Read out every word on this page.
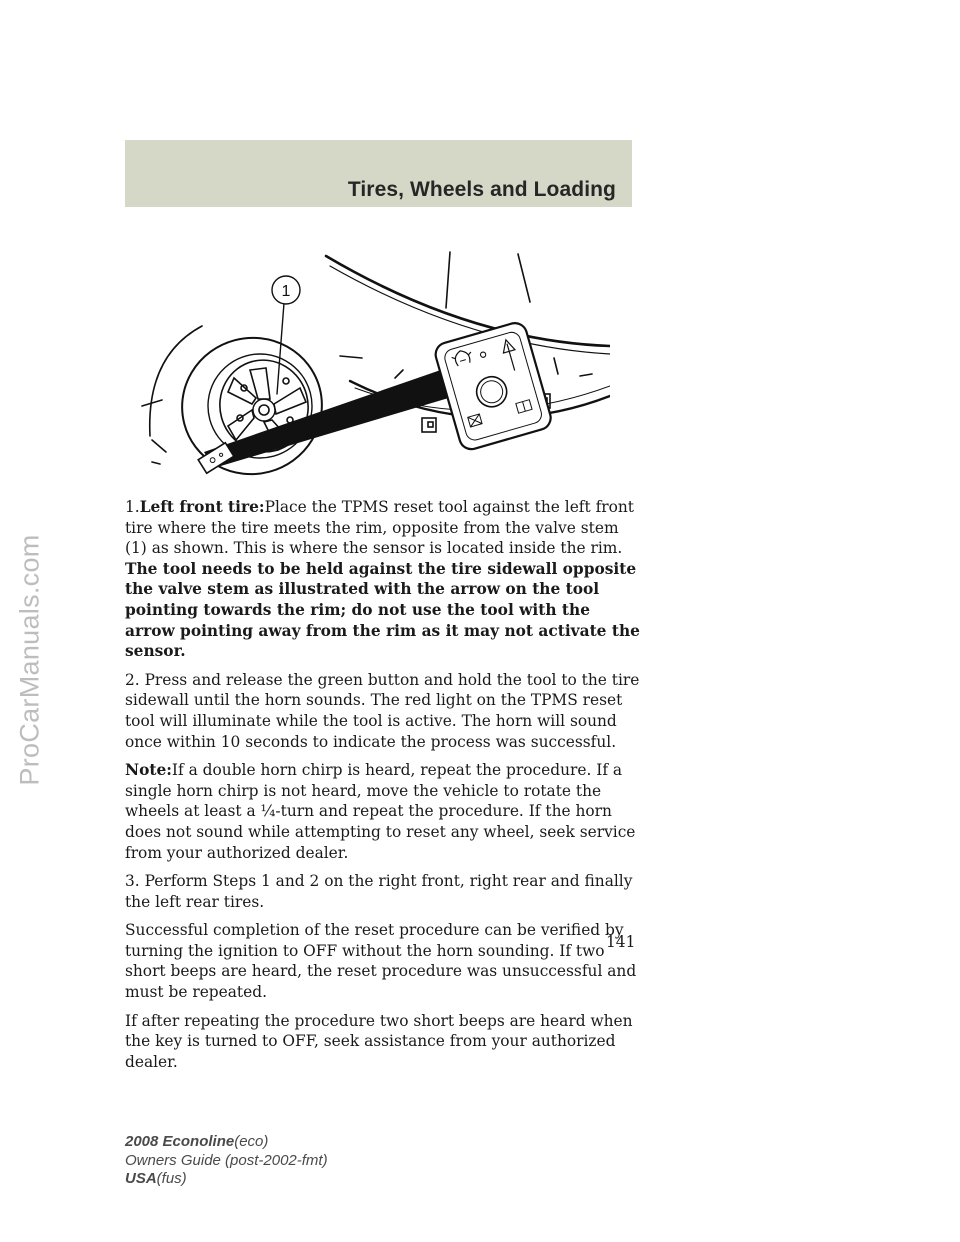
Tires, Wheels and Loading
ProCarManuals.com
1

1.Left front tire:Place the TPMS reset tool against the left front tire where the tire meets the rim, opposite from the valve stem (1) as shown. This is where the sensor is located inside the rim.
The tool needs to be held against the tire sidewall opposite the valve stem as illustrated with the arrow on the tool pointing towards the rim; do not use the tool with the arrow pointing away from the rim as it may not activate the sensor.

2. Press and release the green button and hold the tool to the tire sidewall until the horn sounds. The red light on the TPMS reset tool will illuminate while the tool is active. The horn will sound once within 10 seconds to indicate the process was successful.

Note:If a double horn chirp is heard, repeat the procedure. If a single horn chirp is not heard, move the vehicle to rotate the wheels at least a ¼-turn and repeat the procedure. If the horn does not sound while attempting to reset any wheel, seek service from your authorized dealer.

3. Perform Steps 1 and 2 on the right front, right rear and finally the left rear tires.

Successful completion of the reset procedure can be verified by turning the ignition to OFF without the horn sounding. If two short beeps are heard, the reset procedure was unsuccessful and must be repeated.

If after repeating the procedure two short beeps are heard when the key is turned to OFF, seek assistance from your authorized dealer.

141
2008 Econoline(eco)
Owners Guide (post-2002-fmt)
USA(fus)
